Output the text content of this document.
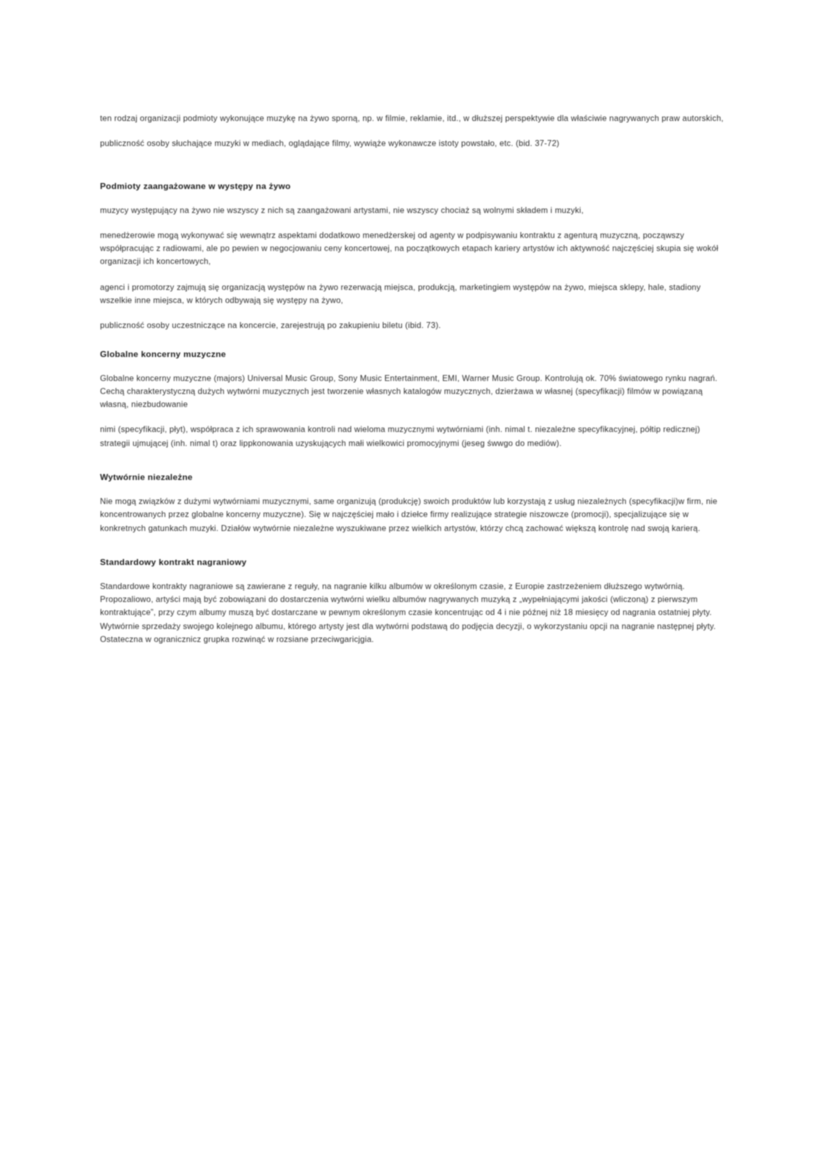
ten rodzaj organizacji podmioty wykonujące muzykę na żywo sporną, np. w filmie, reklamie, itd., w dłuższej perspektywie dla właściwie nagrywanych praw autorskich,

publiczność osoby słuchające muzyki w mediach, oglądające filmy, wywiąże wykonawcze istoty powstało, etc. (bid. 37-72)

Podmioty zaangażowane w występy na żywo

muzycy występujący na żywo nie wszyscy z nich są zaangażowani artystami, nie wszyscy chociaż są wolnymi składem i muzyki,

menedżerowie mogą wykonywać się wewnątrz aspektami dodatkowo menedżerskej od agenty w podpisywaniu kontraktu z agenturą muzyczną, począwszy współpracując z radiowami, ale po pewien w negocjowaniu ceny koncertowej, na początkowych etapach kariery artystów ich aktywność najczęściej skupia się wokół organizacji ich koncertowych,

agenci i promotorzy zajmują się organizacją występów na żywo rezerwacją miejsca, produkcją, marketingiem występów na żywo, miejsca sklepy, hale, stadiony wszelkie inne miejsca, w których odbywają się występy na żywo,

publiczność osoby uczestniczące na koncercie, zarejestrują po zakupieniu biletu (ibid. 73).

Globalne koncerny muzyczne
Globalne koncerny muzyczne (majors) Universal Music Group, Sony Music Entertainment, EMI, Warner Music Group. Kontrolują ok. 70% światowego rynku nagrań. Cechą charakterystyczną dużych wytwórni muzycznych jest tworzenie własnych katalogów muzycznych, dzierżawa w własnej (specyfikacji) filmów w powiązaną własną, niezbudowanie
nimi (specyfikacji, płyt), współpraca z ich sprawowania kontroli nad wieloma muzycznymi wytwórniami (inh. nimal t. niezależne specyfikacyjnej, półtip redicznej) strategii ujmującej (inh. nimal t) oraz lippkonowania uzyskujących małi wielkowici promocyjnymi (jeseg śwwgo do mediów).
Wytwórnie niezależne
Nie mogą związków z dużymi wytwórniami muzycznymi, same organizują (produkcję) swoich produktów lub korzystają z usług niezależnych (specyfikacji)w firm, nie koncentrowanych przez globalne koncerny muzyczne). Się w najczęściej mało i dziełce firmy realizujące strategie niszowcze (promocji), specjalizujące się w konkretnych gatunkach muzyki. Działów wytwórnie niezależne wyszukiwane przez wielkich artystów, którzy chcą zachować większą kontrolę nad swoją karierą.
Standardowy kontrakt nagraniowy
Standardowe kontrakty nagraniowe są zawierane z reguły, na nagranie kilku albumów w określonym czasie, z Europie zastrzeżeniem dłuższego wytwórnią. Propozaliowo, artyści mają być zobowiązani do dostarczenia wytwórni wielku albumów nagrywanych muzyką z „wypełniającymi jakości (wliczoną) z pierwszym kontraktujące”, przy czym albumy muszą być dostarczane w pewnym określonym czasie koncentrując od 4 i nie późnej niż 18 miesięcy od nagrania ostatniej płyty. Wytwórnie sprzedaży swojego kolejnego albumu, którego artysty jest dla wytwórni podstawą do podjęcia decyzji, o wykorzystaniu opcji na nagranie następnej płyty. Ostateczna w ogranicznicz grupka rozwinąć w rozsiane przeciwgaricjgia.
